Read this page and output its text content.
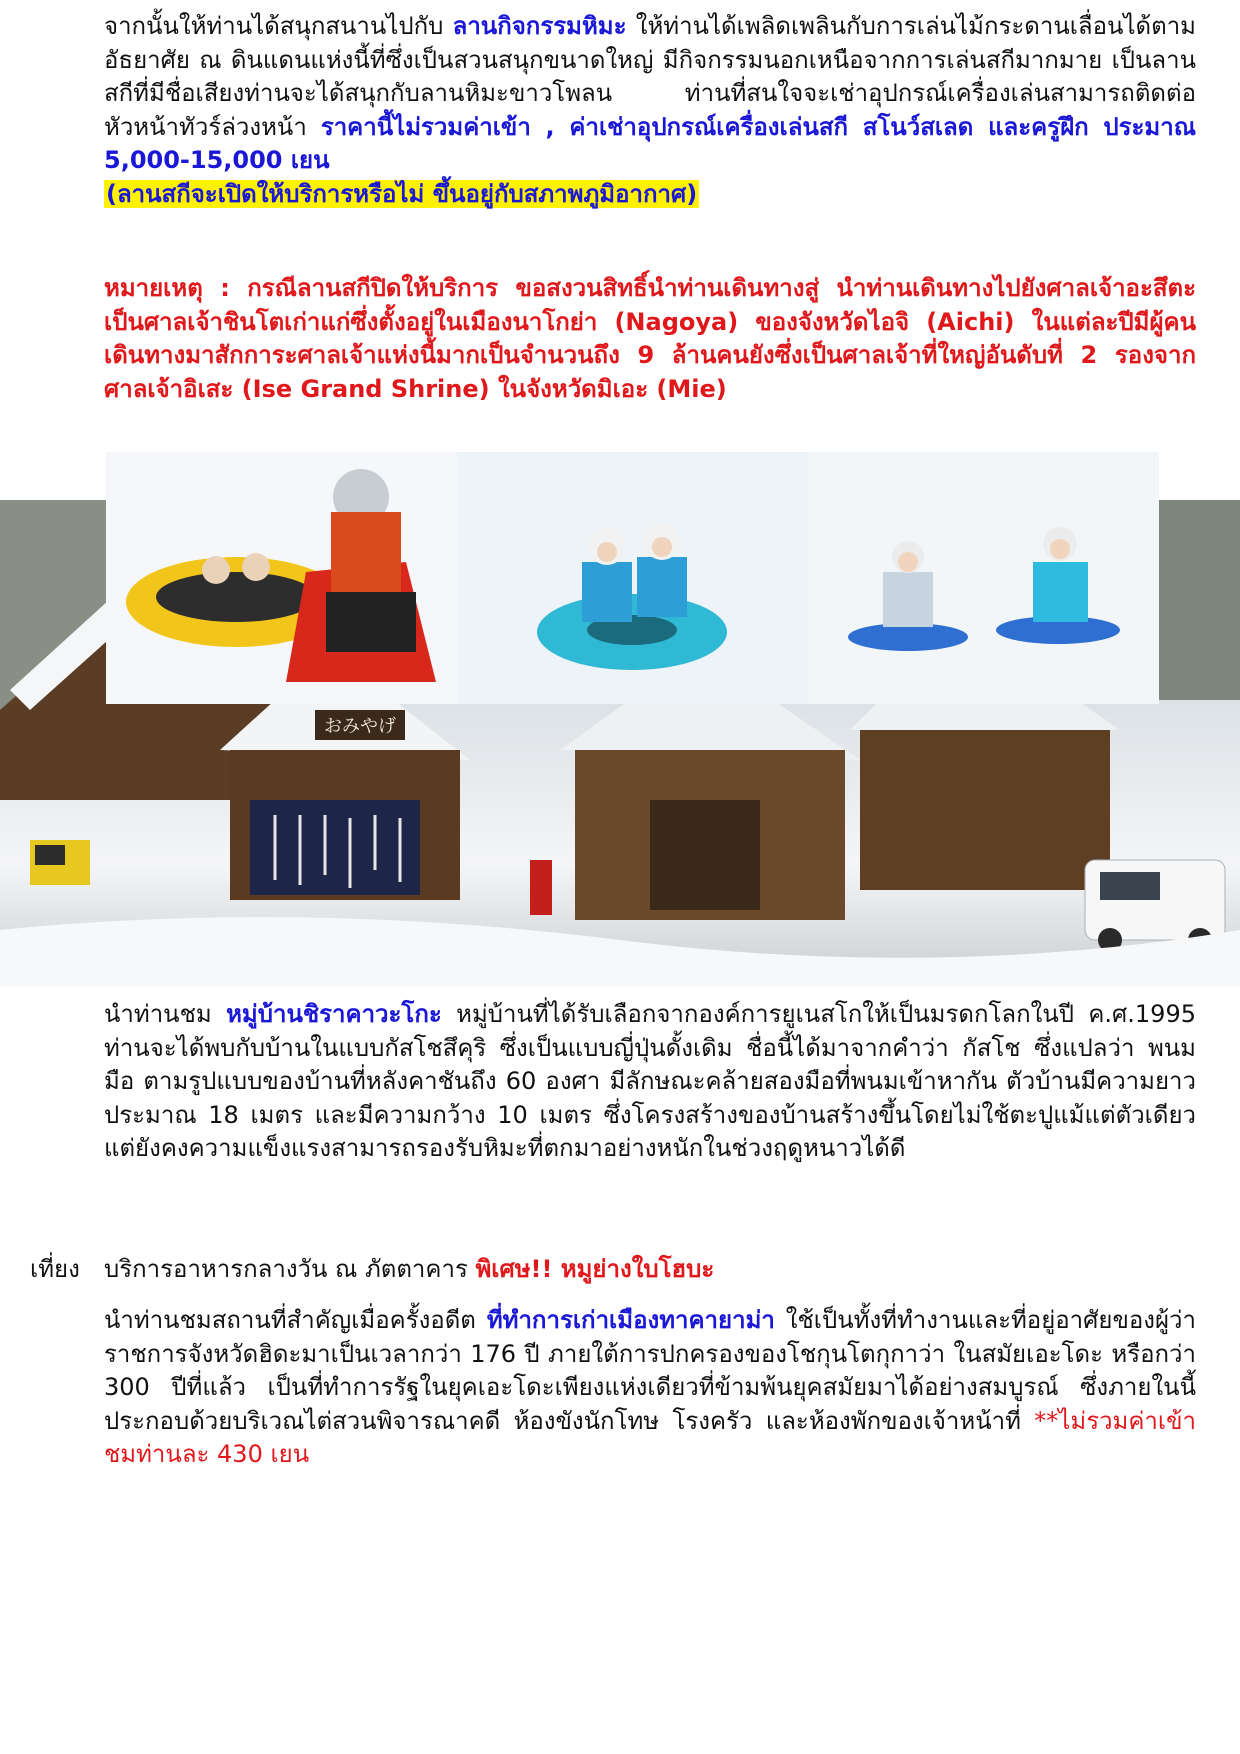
จากนั้นให้ท่านได้สนุกสนานไปกับ ลานกิจกรรมหิมะ ให้ท่านได้เพลิดเพลินกับการเล่นไม้กระดานเลื่อนได้ตามอัธยาศัย ณ ดินแดนแห่งนี้ที่ซึ่งเป็นสวนสนุกขนาดใหญ่ มีกิจกรรมนอกเหนือจากการเล่นสกีมากมาย เป็นลานสกีที่มีชื่อเสียงท่านจะได้สนุกกับลานหิมะขาวโพลน ท่านที่สนใจจะเช่าอุปกรณ์เครื่องเล่นสามารถติดต่อหัวหน้าทัวร์ล่วงหน้า ราคานี้ไม่รวมค่าเข้า , ค่าเช่าอุปกรณ์เครื่องเล่นสกี สโนว์สเลด และครูฝึก ประมาณ 5,000-15,000 เยน
(ลานสกีจะเปิดให้บริการหรือไม่ ขึ้นอยู่กับสภาพภูมิอากาศ)

หมายเหตุ : กรณีลานสกีปิดให้บริการ ขอสงวนสิทธิ์นำท่านเดินทางสู่ นำท่านเดินทางไปยังศาลเจ้าอะสึตะ เป็นศาลเจ้าชินโตเก่าแก่ซึ่งตั้งอยู่ในเมืองนาโกย่า (Nagoya) ของจังหวัดไอจิ (Aichi) ในแต่ละปีมีผู้คนเดินทางมาสักการะศาลเจ้าแห่งนี้มากเป็นจำนวนถึง 9 ล้านคนยังซึ่งเป็นศาลเจ้าที่ใหญ่อันดับที่ 2 รองจากศาลเจ้าอิเสะ (Ise Grand Shrine) ในจังหวัดมิเอะ (Mie)

おみやげ

นำท่านชม หมู่บ้านชิราคาวะโกะ หมู่บ้านที่ได้รับเลือกจากองค์การยูเนสโกให้เป็นมรดกโลกในปี ค.ศ.1995 ท่านจะได้พบกับบ้านในแบบกัสโชสึคุริ ซึ่งเป็นแบบญี่ปุ่นดั้งเดิม ชื่อนี้ได้มาจากคำว่า กัสโช ซึ่งแปลว่า พนมมือ ตามรูปแบบของบ้านที่หลังคาชันถึง 60 องศา มีลักษณะคล้ายสองมือที่พนมเข้าหากัน ตัวบ้านมีความยาวประมาณ 18 เมตร และมีความกว้าง 10 เมตร ซึ่งโครงสร้างของบ้านสร้างขึ้นโดยไม่ใช้ตะปูแม้แต่ตัวเดียว แต่ยังคงความแข็งแรงสามารถรองรับหิมะที่ตกมาอย่างหนักในช่วงฤดูหนาวได้ดี

เที่ยง บริการอาหารกลางวัน ณ ภัตตาคาร พิเศษ!! หมูย่างใบโฮบะ

นำท่านชมสถานที่สำคัญเมื่อครั้งอดีต ที่ทำการเก่าเมืองทาคายาม่า ใช้เป็นทั้งที่ทำงานและที่อยู่อาศัยของผู้ว่าราชการจังหวัดฮิดะมาเป็นเวลากว่า 176 ปี ภายใต้การปกครองของโชกุนโตกุกาว่า ในสมัยเอะโดะ หรือกว่า 300 ปีที่แล้ว เป็นที่ทำการรัฐในยุคเอะโดะเพียงแห่งเดียวที่ข้ามพ้นยุคสมัยมาได้อย่างสมบูรณ์ ซึ่งภายในนี้ประกอบด้วยบริเวณไต่สวนพิจารณาคดี ห้องขังนักโทษ โรงครัว และห้องพักของเจ้าหน้าที่ **ไม่รวมค่าเข้าชมท่านละ 430 เยน
